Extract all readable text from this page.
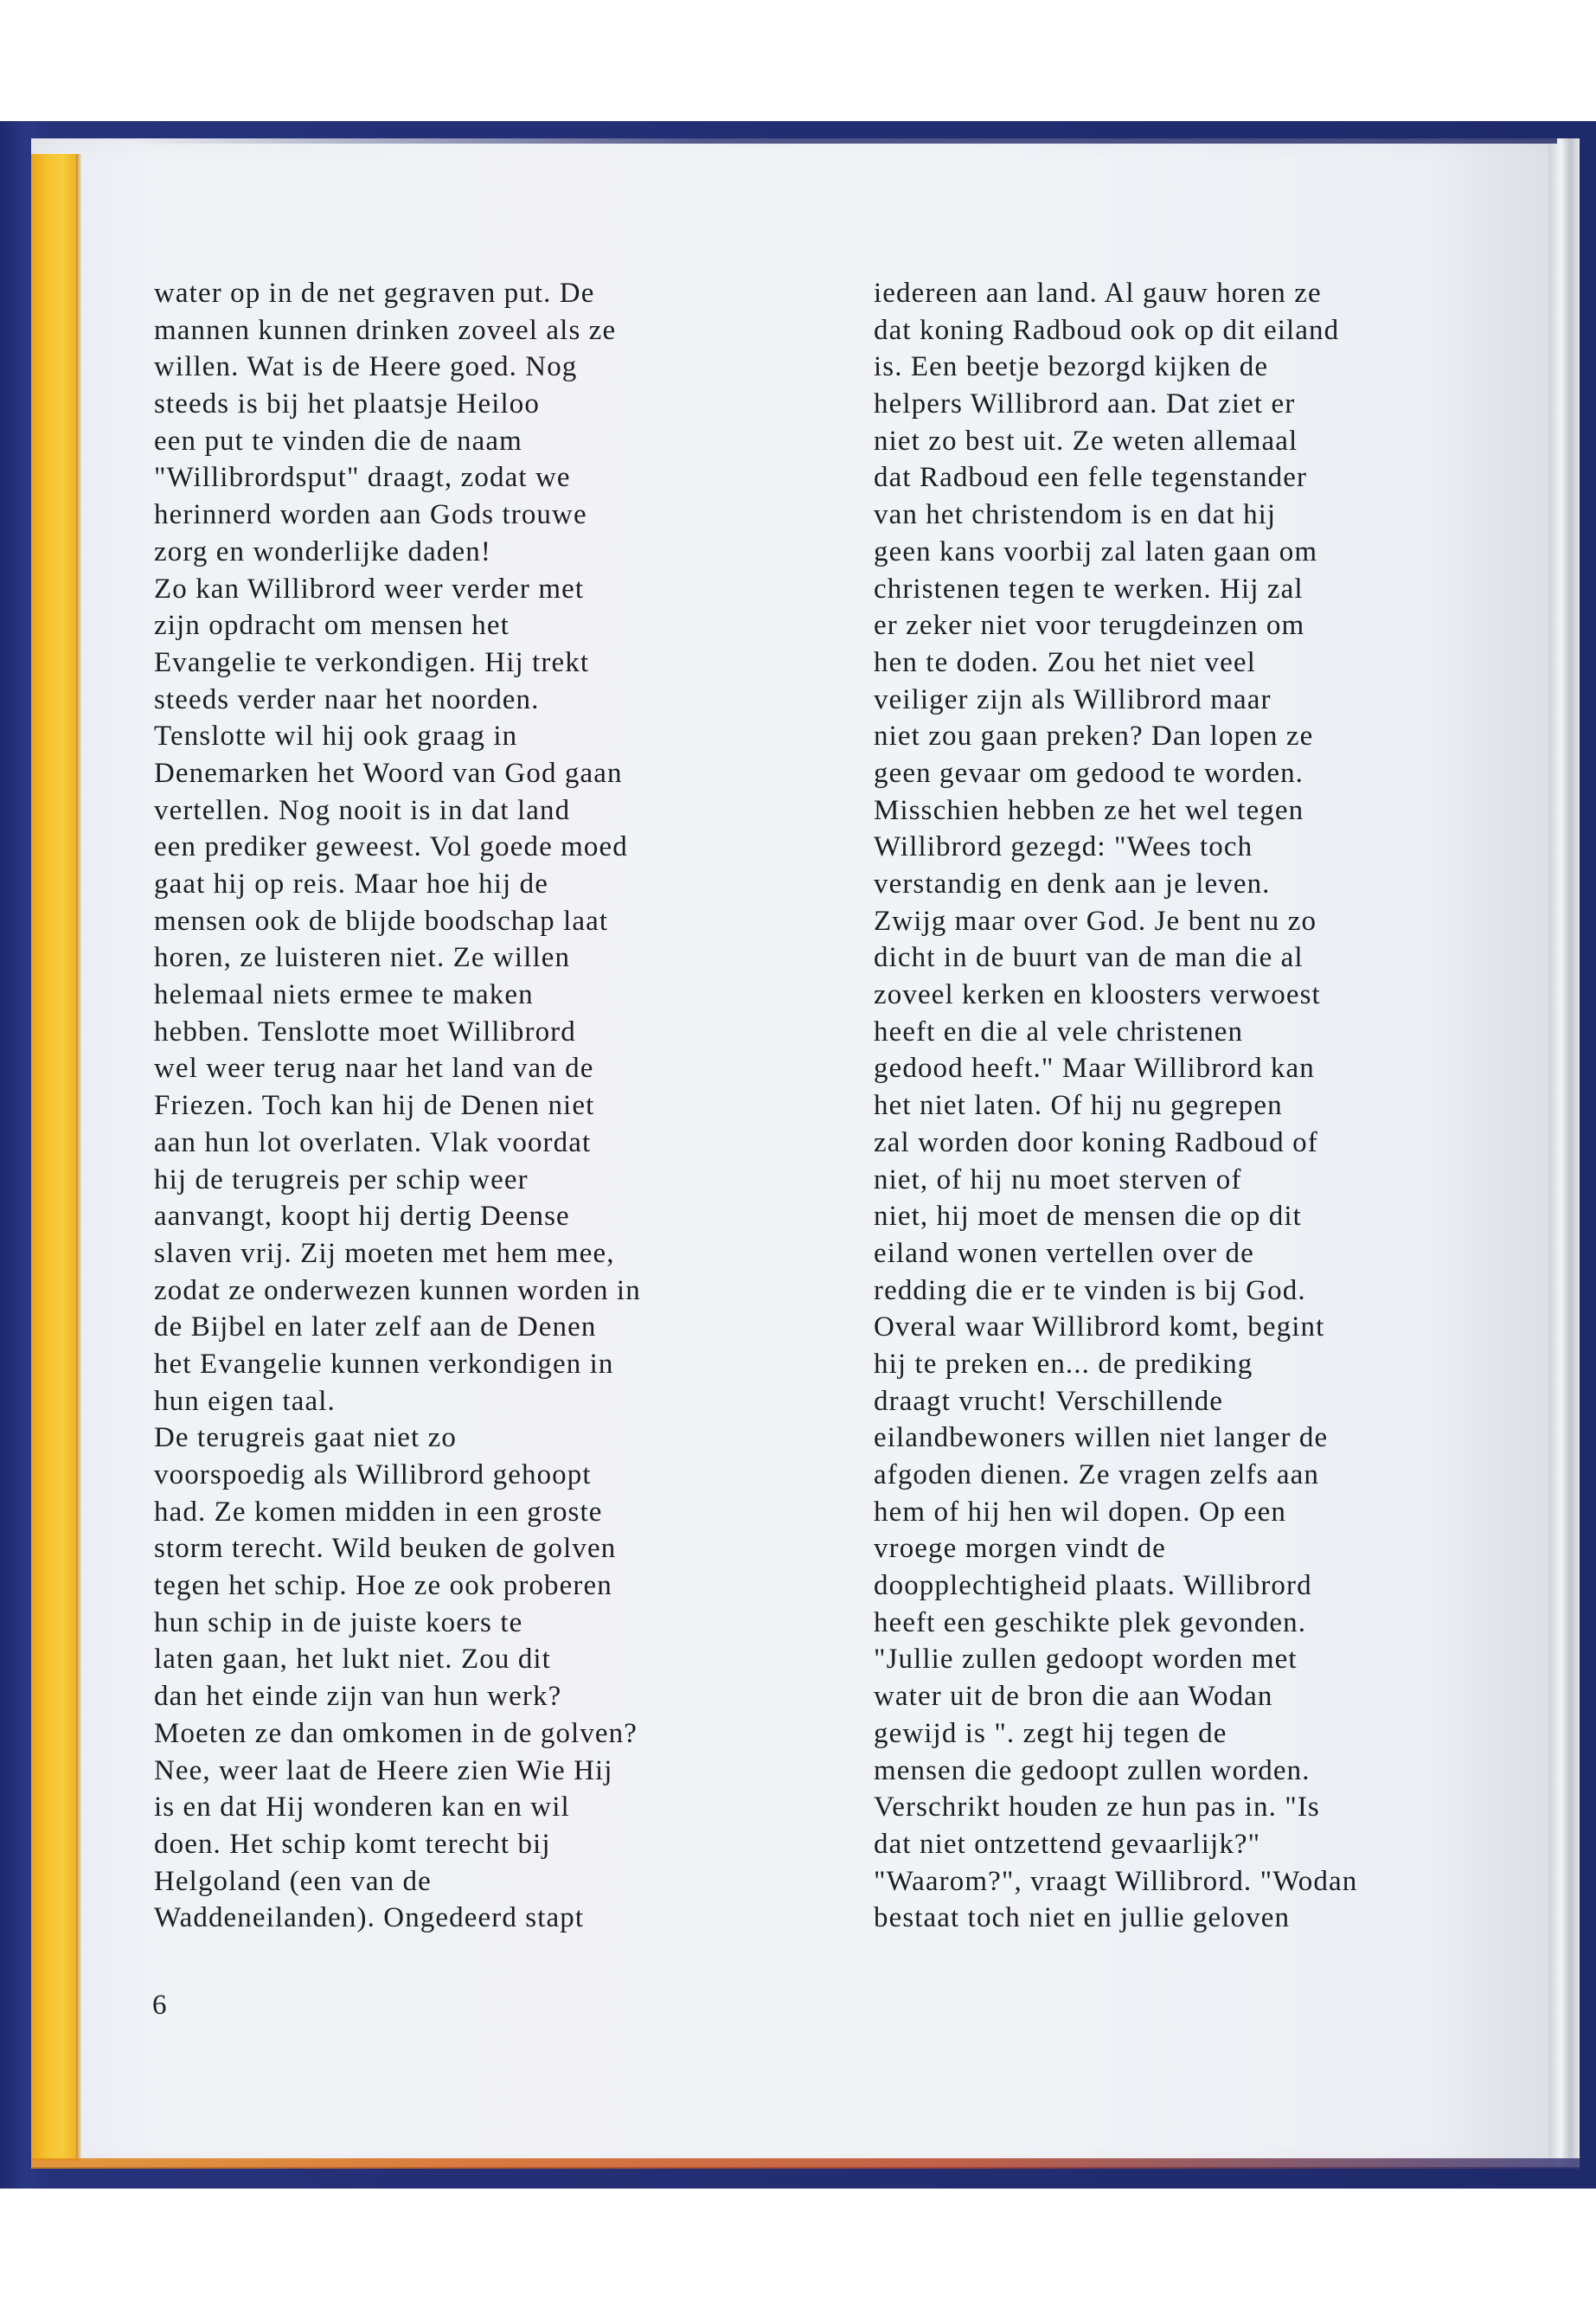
water op in de net gegraven put. De
mannen kunnen drinken zoveel als ze
willen. Wat is de Heere goed. Nog
steeds is bij het plaatsje Heiloo
een put te vinden die de naam
"Willibrordsput" draagt, zodat we
herinnerd worden aan Gods trouwe
zorg en wonderlijke daden!
Zo kan Willibrord weer verder met
zijn opdracht om mensen het
Evangelie te verkondigen. Hij trekt
steeds verder naar het noorden.
Tenslotte wil hij ook graag in
Denemarken het Woord van God gaan
vertellen. Nog nooit is in dat land
een prediker geweest. Vol goede moed
gaat hij op reis. Maar hoe hij de
mensen ook de blijde boodschap laat
horen, ze luisteren niet. Ze willen
helemaal niets ermee te maken
hebben. Tenslotte moet Willibrord
wel weer terug naar het land van de
Friezen. Toch kan hij de Denen niet
aan hun lot overlaten. Vlak voordat
hij de terugreis per schip weer
aanvangt, koopt hij dertig Deense
slaven vrij. Zij moeten met hem mee,
zodat ze onderwezen kunnen worden in
de Bijbel en later zelf aan de Denen
het Evangelie kunnen verkondigen in
hun eigen taal.
De terugreis gaat niet zo
voorspoedig als Willibrord gehoopt
had. Ze komen midden in een groste
storm terecht. Wild beuken de golven
tegen het schip. Hoe ze ook proberen
hun schip in de juiste koers te
laten gaan, het lukt niet. Zou dit
dan het einde zijn van hun werk?
Moeten ze dan omkomen in de golven?
Nee, weer laat de Heere zien Wie Hij
is en dat Hij wonderen kan en wil
doen. Het schip komt terecht bij
Helgoland (een van de
Waddeneilanden). Ongedeerd stapt
iedereen aan land. Al gauw horen ze
dat koning Radboud ook op dit eiland
is. Een beetje bezorgd kijken de
helpers Willibrord aan. Dat ziet er
niet zo best uit. Ze weten allemaal
dat Radboud een felle tegenstander
van het christendom is en dat hij
geen kans voorbij zal laten gaan om
christenen tegen te werken. Hij zal
er zeker niet voor terugdeinzen om
hen te doden. Zou het niet veel
veiliger zijn als Willibrord maar
niet zou gaan preken? Dan lopen ze
geen gevaar om gedood te worden.
Misschien hebben ze het wel tegen
Willibrord gezegd: "Wees toch
verstandig en denk aan je leven.
Zwijg maar over God. Je bent nu zo
dicht in de buurt van de man die al
zoveel kerken en kloosters verwoest
heeft en die al vele christenen
gedood heeft." Maar Willibrord kan
het niet laten. Of hij nu gegrepen
zal worden door koning Radboud of
niet, of hij nu moet sterven of
niet, hij moet de mensen die op dit
eiland wonen vertellen over de
redding die er te vinden is bij God.
Overal waar Willibrord komt, begint
hij te preken en... de prediking
draagt vrucht! Verschillende
eilandbewoners willen niet langer de
afgoden dienen. Ze vragen zelfs aan
hem of hij hen wil dopen. Op een
vroege morgen vindt de
doopplechtigheid plaats. Willibrord
heeft een geschikte plek gevonden.
"Jullie zullen gedoopt worden met
water uit de bron die aan Wodan
gewijd is ". zegt hij tegen de
mensen die gedoopt zullen worden.
Verschrikt houden ze hun pas in. "Is
dat niet ontzettend gevaarlijk?"
"Waarom?", vraagt Willibrord. "Wodan
bestaat toch niet en jullie geloven
6
